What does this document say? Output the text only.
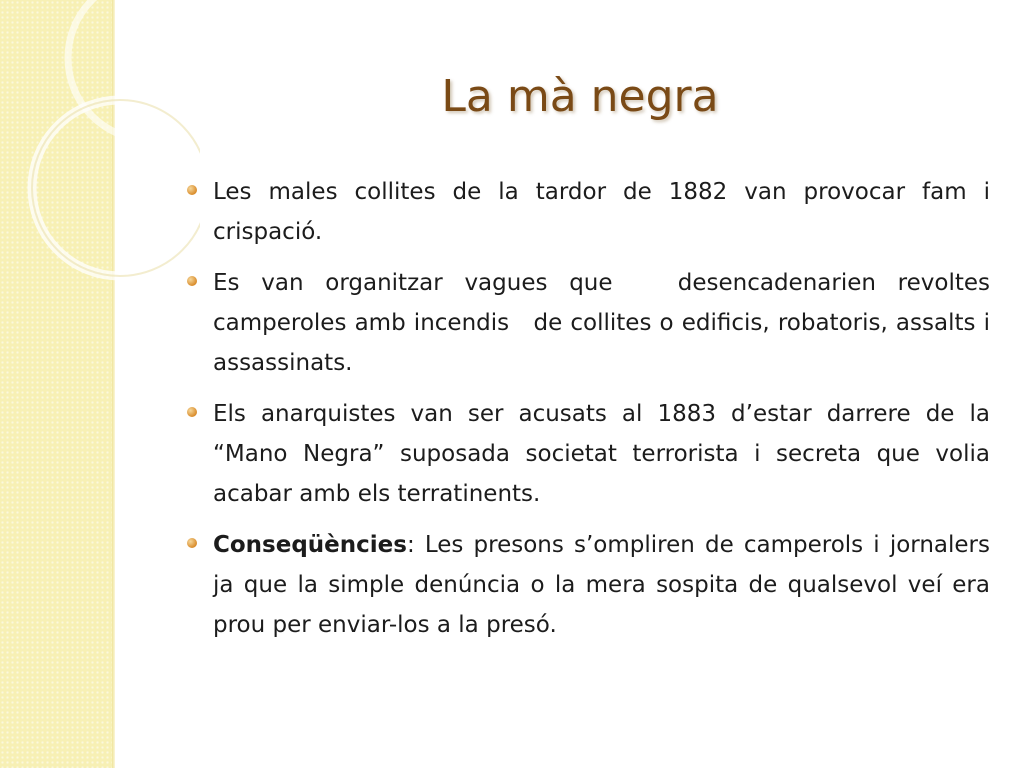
La mà negra
Les males collites de la tardor de 1882 van provocar fam i crispació.
Es van organitzar vagues que   desencadenarien revoltes camperoles amb incendis   de collites o edificis, robatoris, assalts i assassinats.
Els anarquistes van ser acusats al 1883 d’estar darrere de la “Mano Negra” suposada societat terrorista i secreta que volia acabar amb els terratinents.
Conseqüències: Les presons s’ompliren de camperols i jornalers ja que la simple denúncia o la mera sospita de qualsevol veí era prou per enviar-los a la presó.
